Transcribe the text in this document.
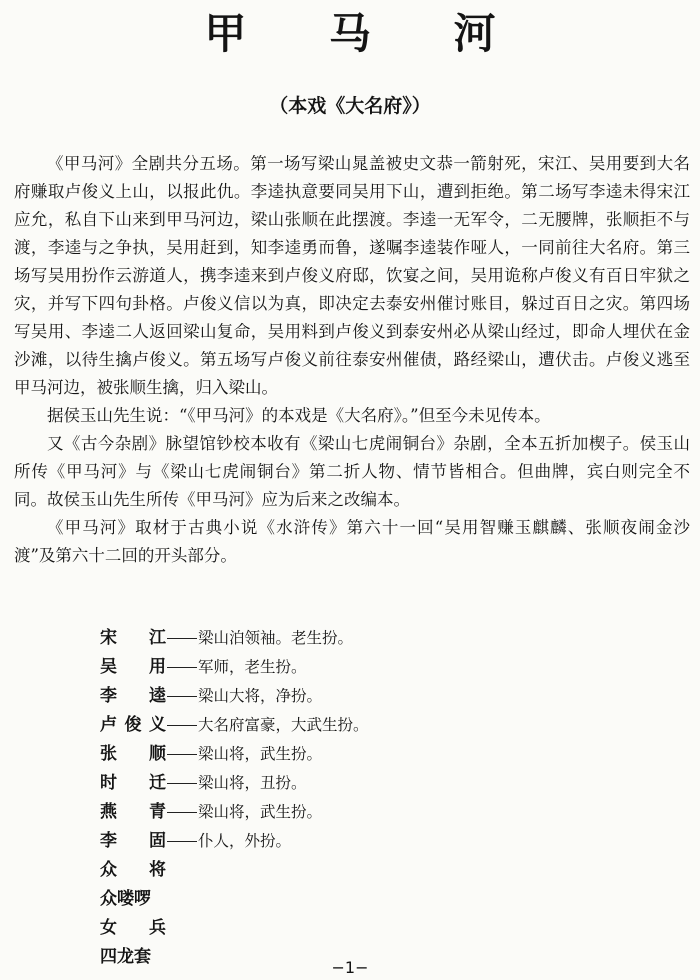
甲 马 河
（本戏《大名府》）

《甲马河》全剧共分五场。第一场写梁山晁盖被史文恭一箭射死，宋江、吴用要到大名府赚取卢俊义上山，以报此仇。李逵执意要同吴用下山，遭到拒绝。第二场写李逵未得宋江应允，私自下山来到甲马河边，梁山张顺在此摆渡。李逵一无军令，二无腰牌，张顺拒不与渡，李逵与之争执，吴用赶到，知李逵勇而鲁，遂嘱李逵装作哑人，一同前往大名府。第三场写吴用扮作云游道人，携李逵来到卢俊义府邸，饮宴之间，吴用诡称卢俊义有百日牢狱之灾，并写下四句卦格。卢俊义信以为真，即决定去泰安州催讨账目，躲过百日之灾。第四场写吴用、李逵二人返回梁山复命，吴用料到卢俊义到泰安州必从梁山经过，即命人埋伏在金沙滩，以待生擒卢俊义。第五场写卢俊义前往泰安州催债，路经梁山，遭伏击。卢俊义逃至甲马河边，被张顺生擒，归入梁山。

据侯玉山先生说：“《甲马河》的本戏是《大名府》。”但至今未见传本。

又《古今杂剧》脉望馆钞校本收有《梁山七虎闹铜台》杂剧，全本五折加楔子。侯玉山所传《甲马河》与《梁山七虎闹铜台》第二折人物、情节皆相合。但曲牌，宾白则完全不同。故侯玉山先生所传《甲马河》应为后来之改编本。

《甲马河》取材于古典小说《水浒传》第六十一回“吴用智赚玉麒麟、张顺夜闹金沙渡”及第六十二回的开头部分。

宋江 梁山泊领袖。老生扮。
吴用 军师，老生扮。
李逵 梁山大将，净扮。
卢俊义 大名府富豪，大武生扮。
张顺 梁山将，武生扮。
时迁 梁山将，丑扮。
燕青 梁山将，武生扮。
李固 仆人，外扮。
众将
众喽啰
女兵
四龙套
−1−
